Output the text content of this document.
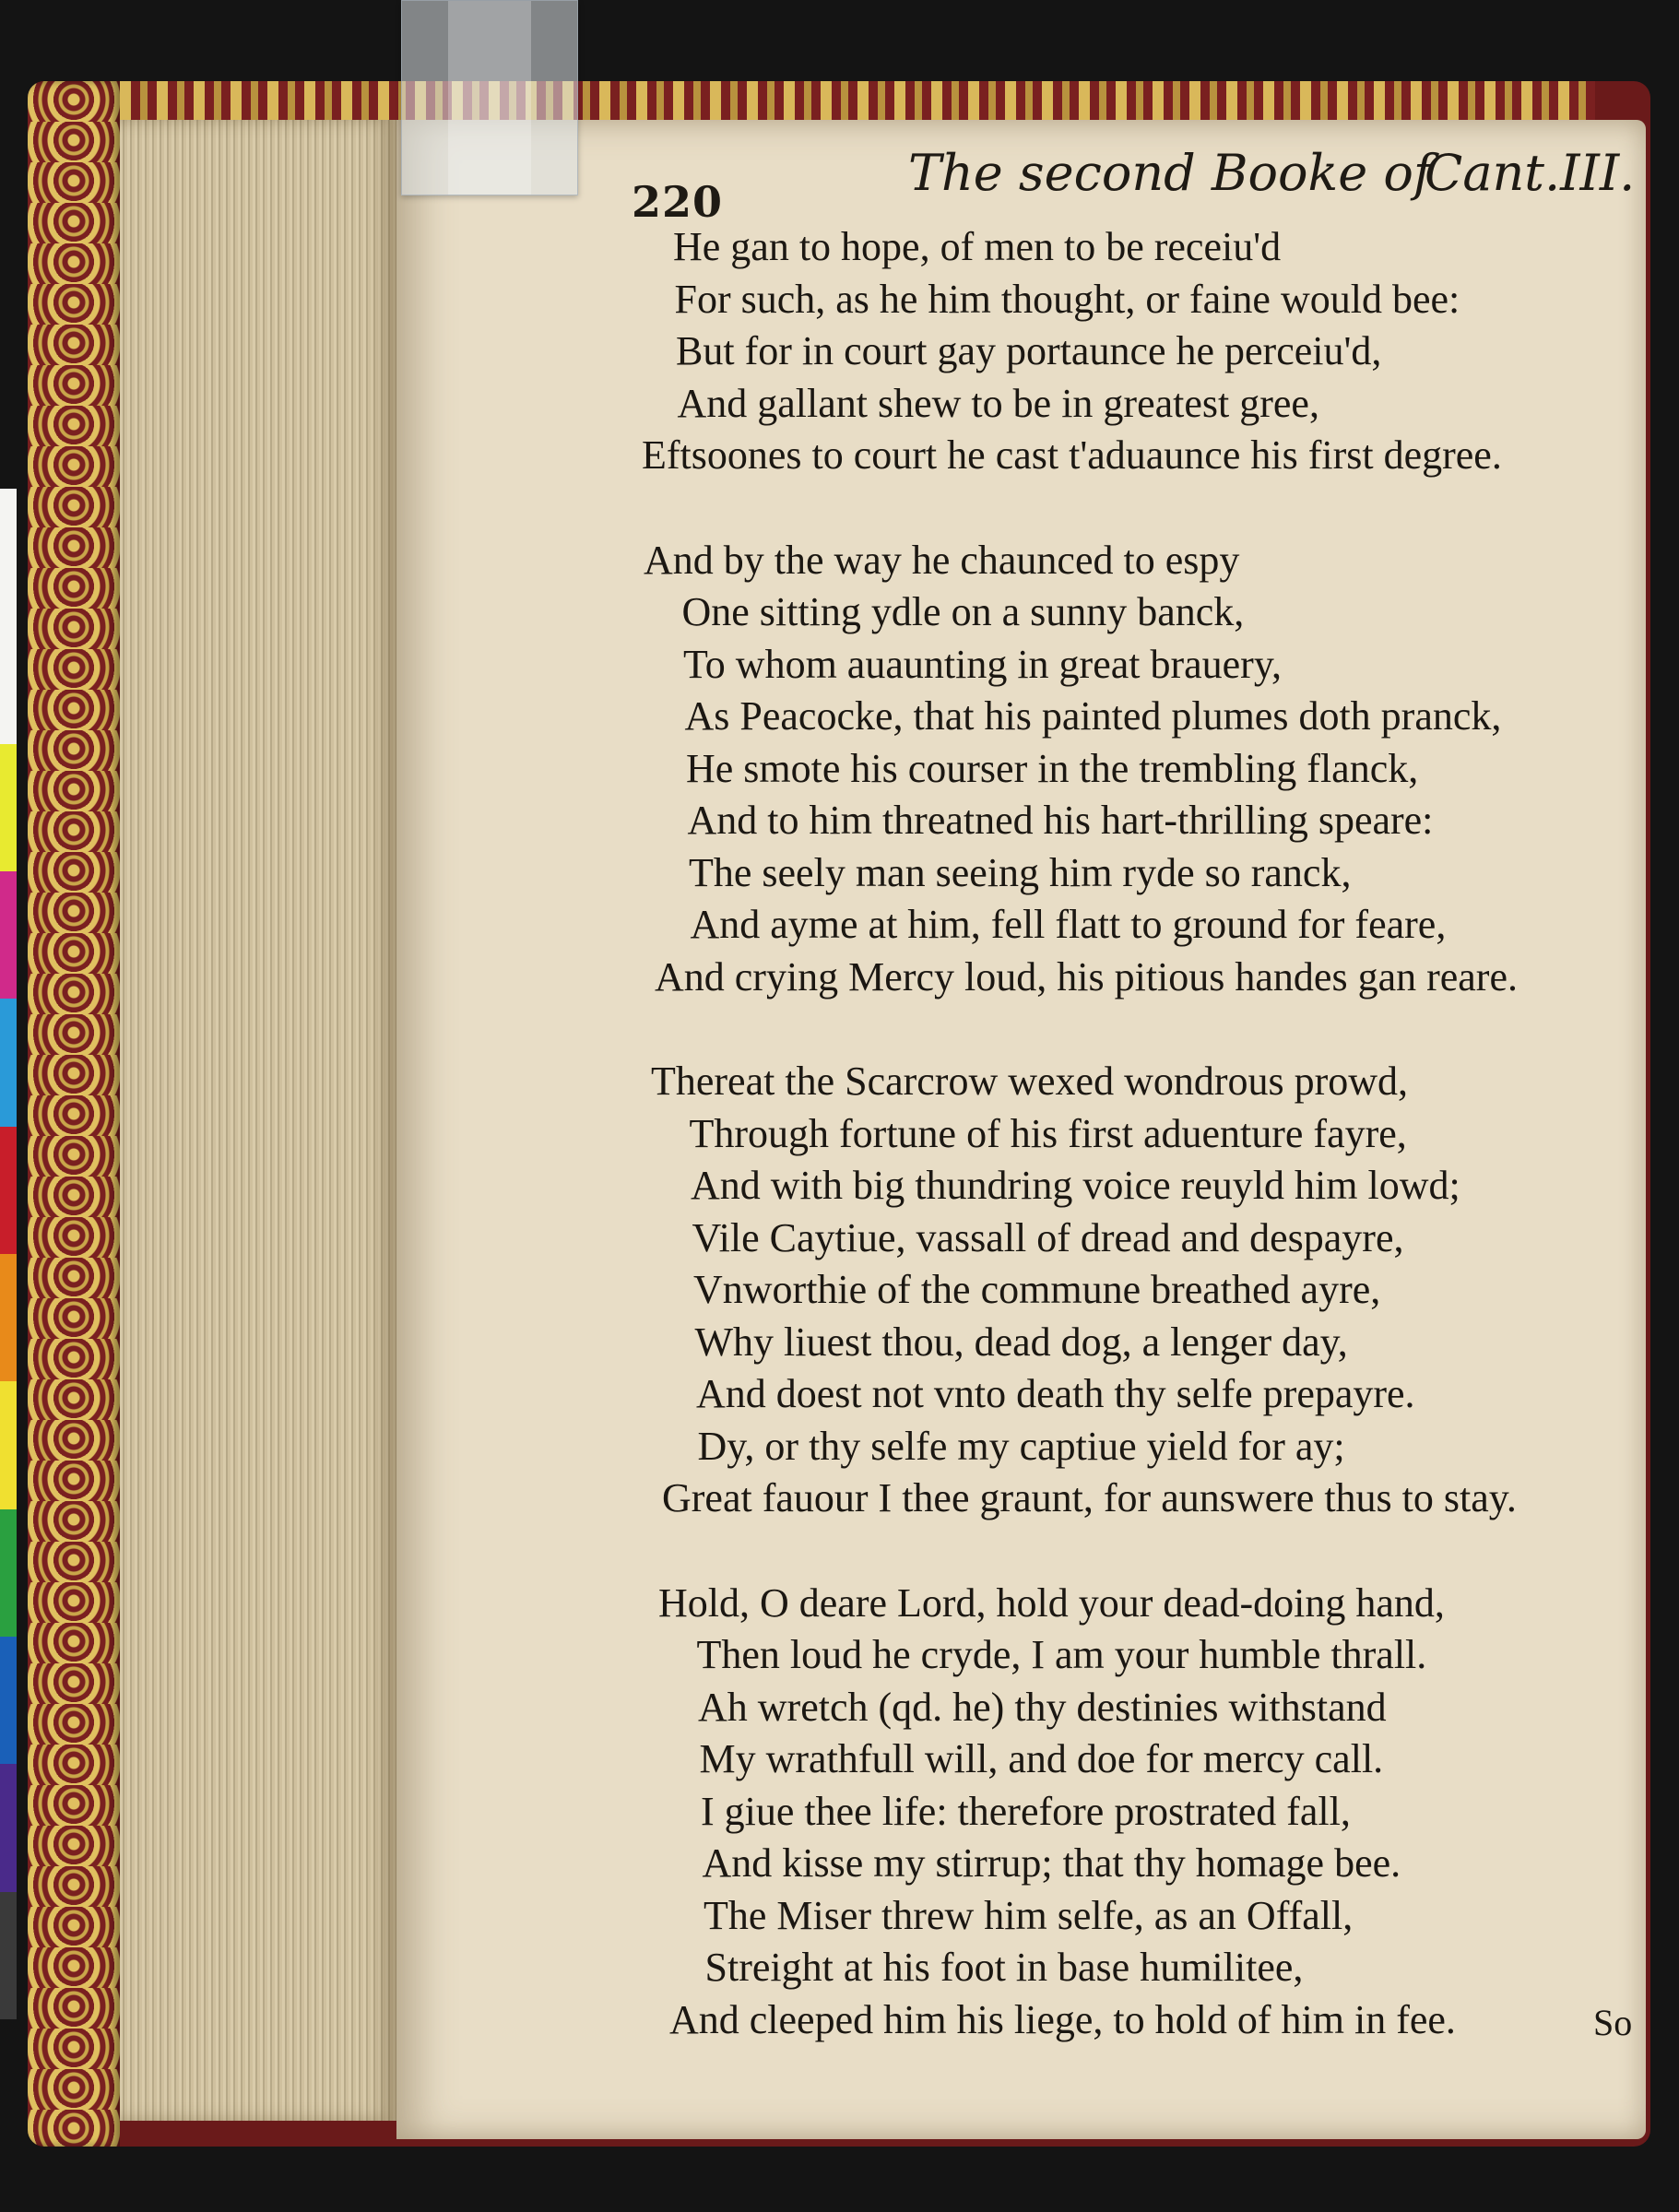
220	The second Booke of
Cant.III.
He gan to hope, of men to be receiu'd
For such, as he him thought, or faine would bee:
But for in court gay portaunce he perceiu'd,
And gallant shew to be in greatest gree,
Eftsoones to court he cast t'aduaunce his first degree.
And by the way he chaunced to espy
One sitting ydle on a sunny banck,
To whom auaunting in great brauery,
As Peacocke, that his painted plumes doth pranck,
He smote his courser in the trembling flanck,
And to him threatned his hart-thrilling speare:
The seely man seeing him ryde so ranck,
And ayme at him, fell flatt to ground for feare,
And crying Mercy loud, his pitious handes gan reare.
Thereat the Scarcrow wexed wondrous prowd,
Through fortune of his first aduenture fayre,
And with big thundring voice reuyld him lowd;
Vile Caytiue, vassall of dread and despayre,
Vnworthie of the commune breathed ayre,
Why liuest thou, dead dog, a lenger day,
And doest not vnto death thy selfe prepayre.
Dy, or thy selfe my captiue yield for ay;
Great fauour I thee graunt, for aunswere thus to stay.
Hold, O deare Lord, hold your dead-doing hand,
Then loud he cryde, I am your humble thrall.
Ah wretch (qd. he) thy destinies withstand
My wrathfull will, and doe for mercy call.
I giue thee life: therefore prostrated fall,
And kisse my stirrup; that thy homage bee.
The Miser threw him selfe, as an Offall,
Streight at his foot in base humilitee,
And cleeped him his liege, to hold of him in fee.	So
